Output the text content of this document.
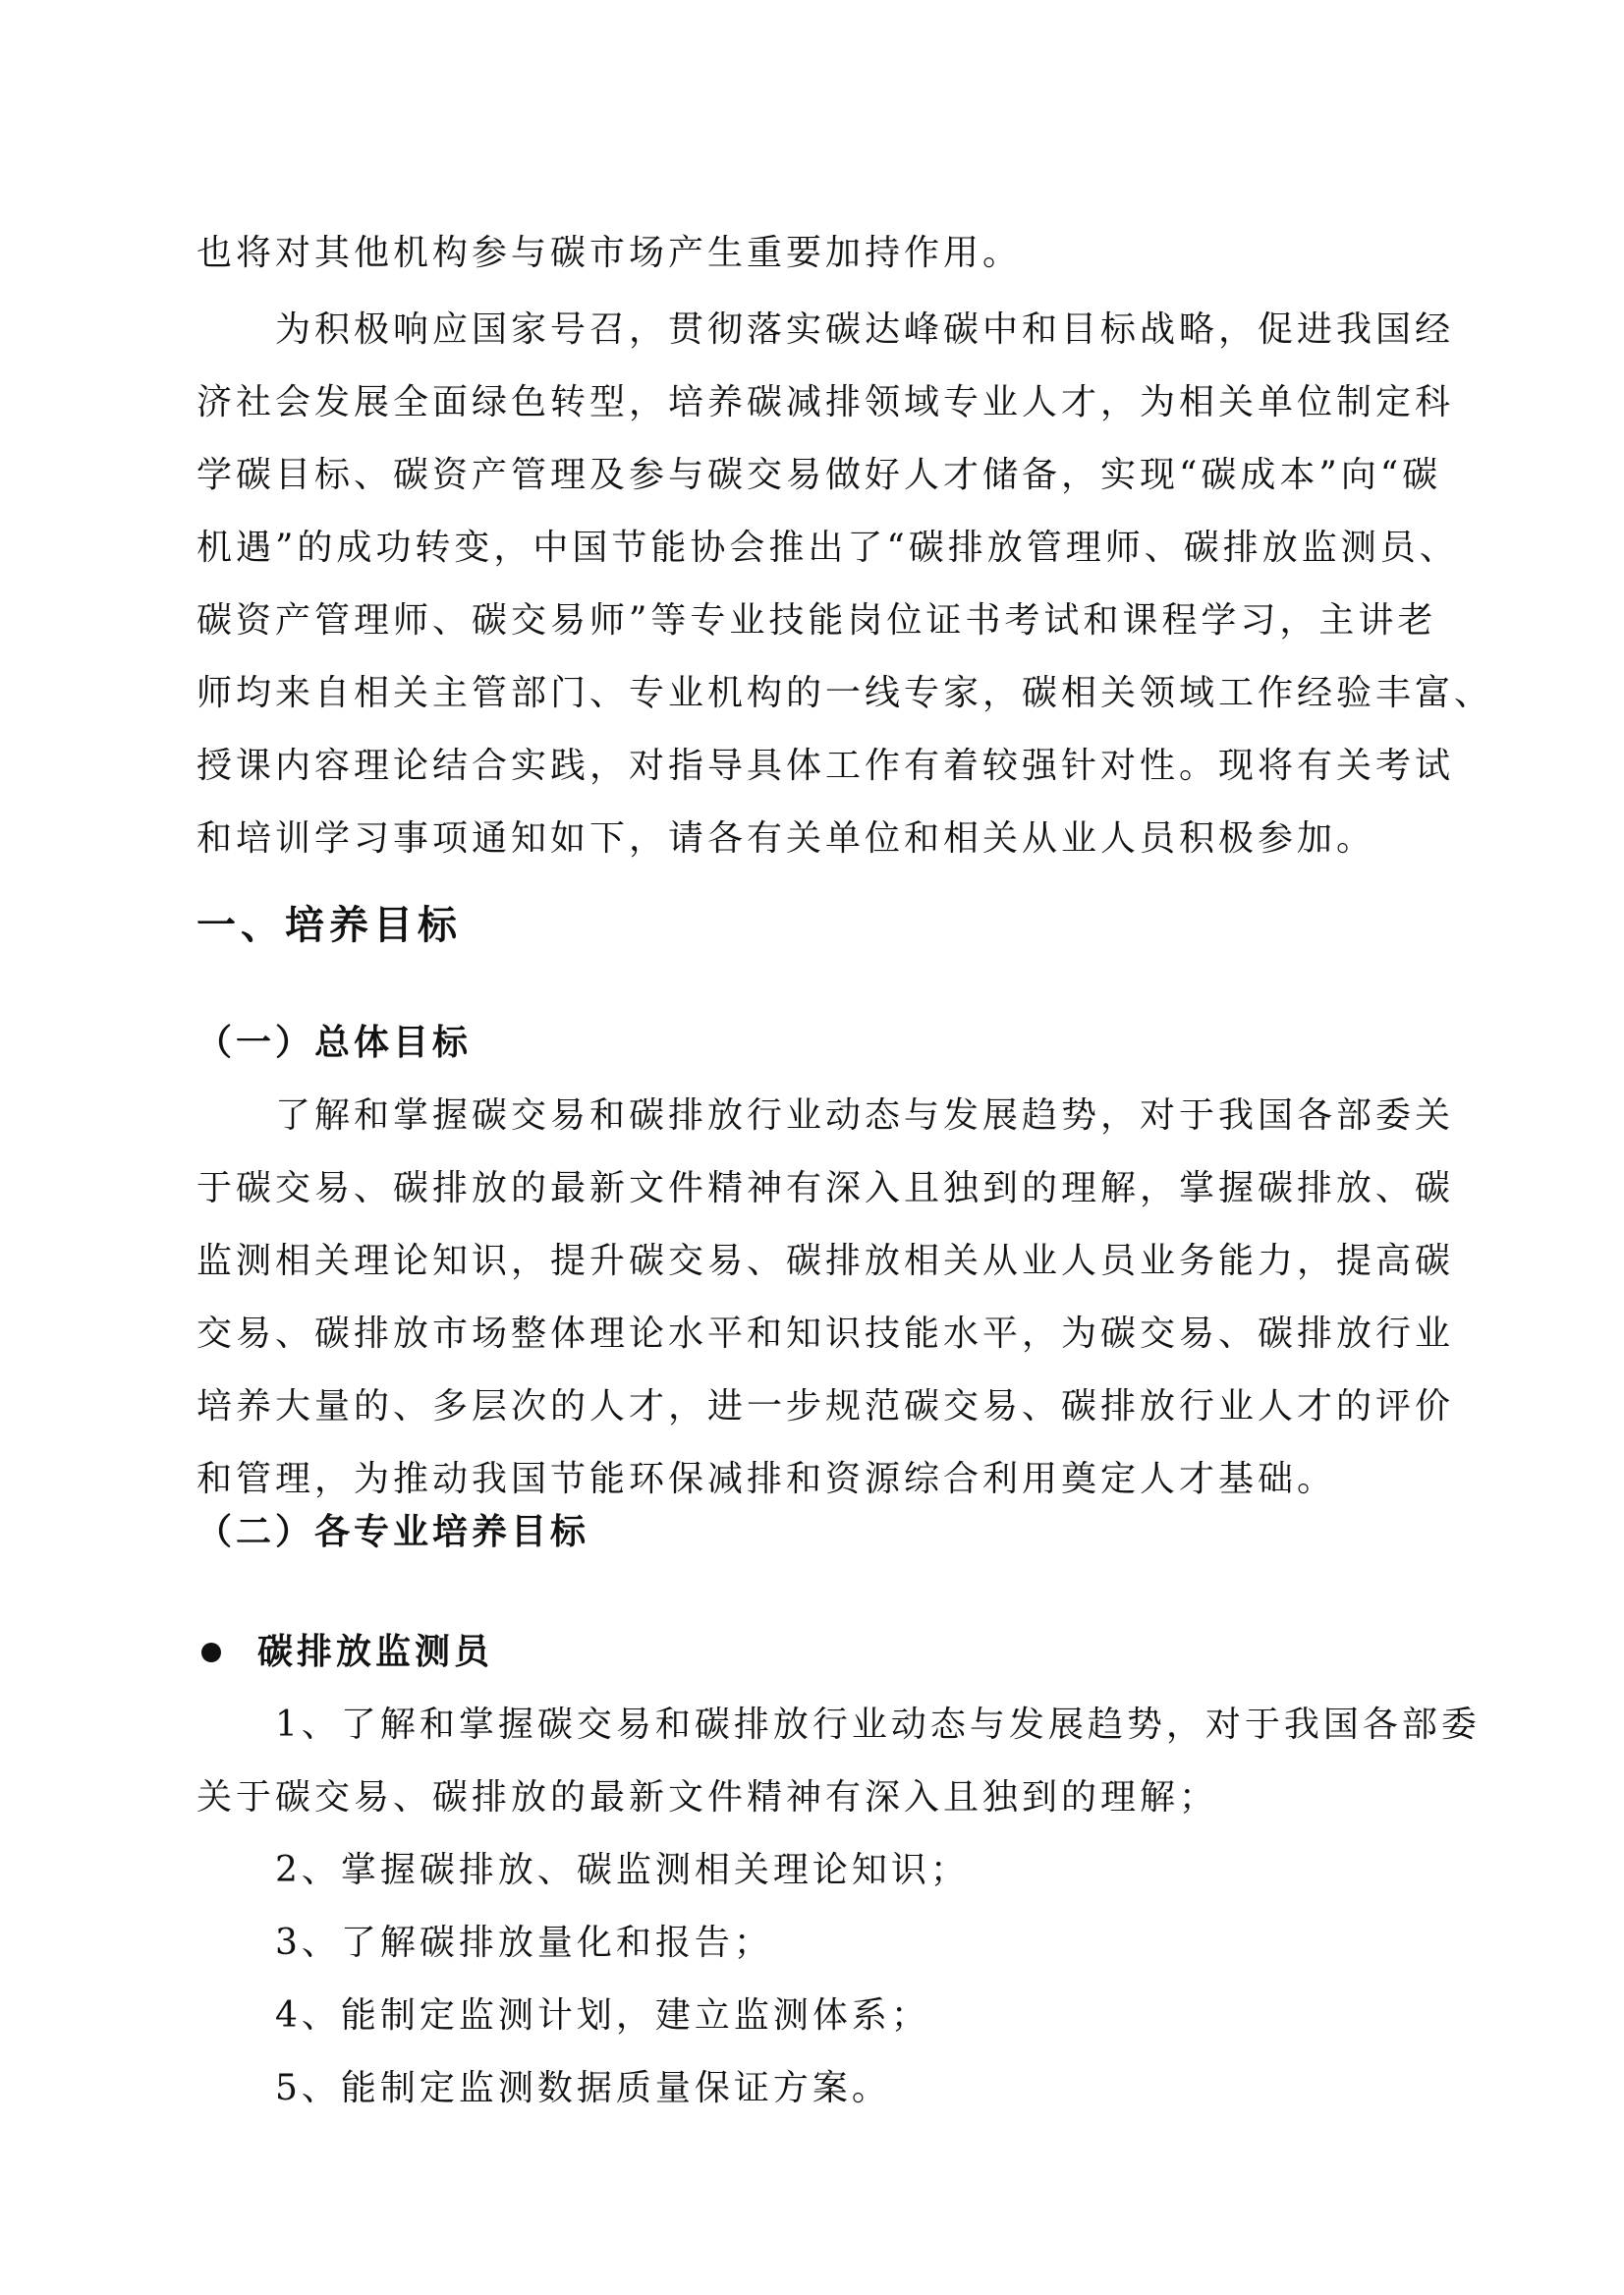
也将对其他机构参与碳市场产生重要加持作用。
为积极响应国家号召，贯彻落实碳达峰碳中和目标战略，促进我国经
济社会发展全面绿色转型，培养碳减排领域专业人才，为相关单位制定科
学碳目标、碳资产管理及参与碳交易做好人才储备，实现“碳成本”向“碳
机遇”的成功转变，中国节能协会推出了“碳排放管理师、碳排放监测员、
碳资产管理师、碳交易师”等专业技能岗位证书考试和课程学习，主讲老
师均来自相关主管部门、专业机构的一线专家，碳相关领域工作经验丰富、
授课内容理论结合实践，对指导具体工作有着较强针对性。现将有关考试
和培训学习事项通知如下，请各有关单位和相关从业人员积极参加。
一、培养目标
（一）总体目标
了解和掌握碳交易和碳排放行业动态与发展趋势，对于我国各部委关
于碳交易、碳排放的最新文件精神有深入且独到的理解，掌握碳排放、碳
监测相关理论知识，提升碳交易、碳排放相关从业人员业务能力，提高碳
交易、碳排放市场整体理论水平和知识技能水平，为碳交易、碳排放行业
培养大量的、多层次的人才，进一步规范碳交易、碳排放行业人才的评价
和管理，为推动我国节能环保减排和资源综合利用奠定人才基础。
（二）各专业培养目标
碳排放监测员
1、了解和掌握碳交易和碳排放行业动态与发展趋势，对于我国各部委
关于碳交易、碳排放的最新文件精神有深入且独到的理解；
2、掌握碳排放、碳监测相关理论知识；
3、了解碳排放量化和报告；
4、能制定监测计划，建立监测体系；
5、能制定监测数据质量保证方案。
